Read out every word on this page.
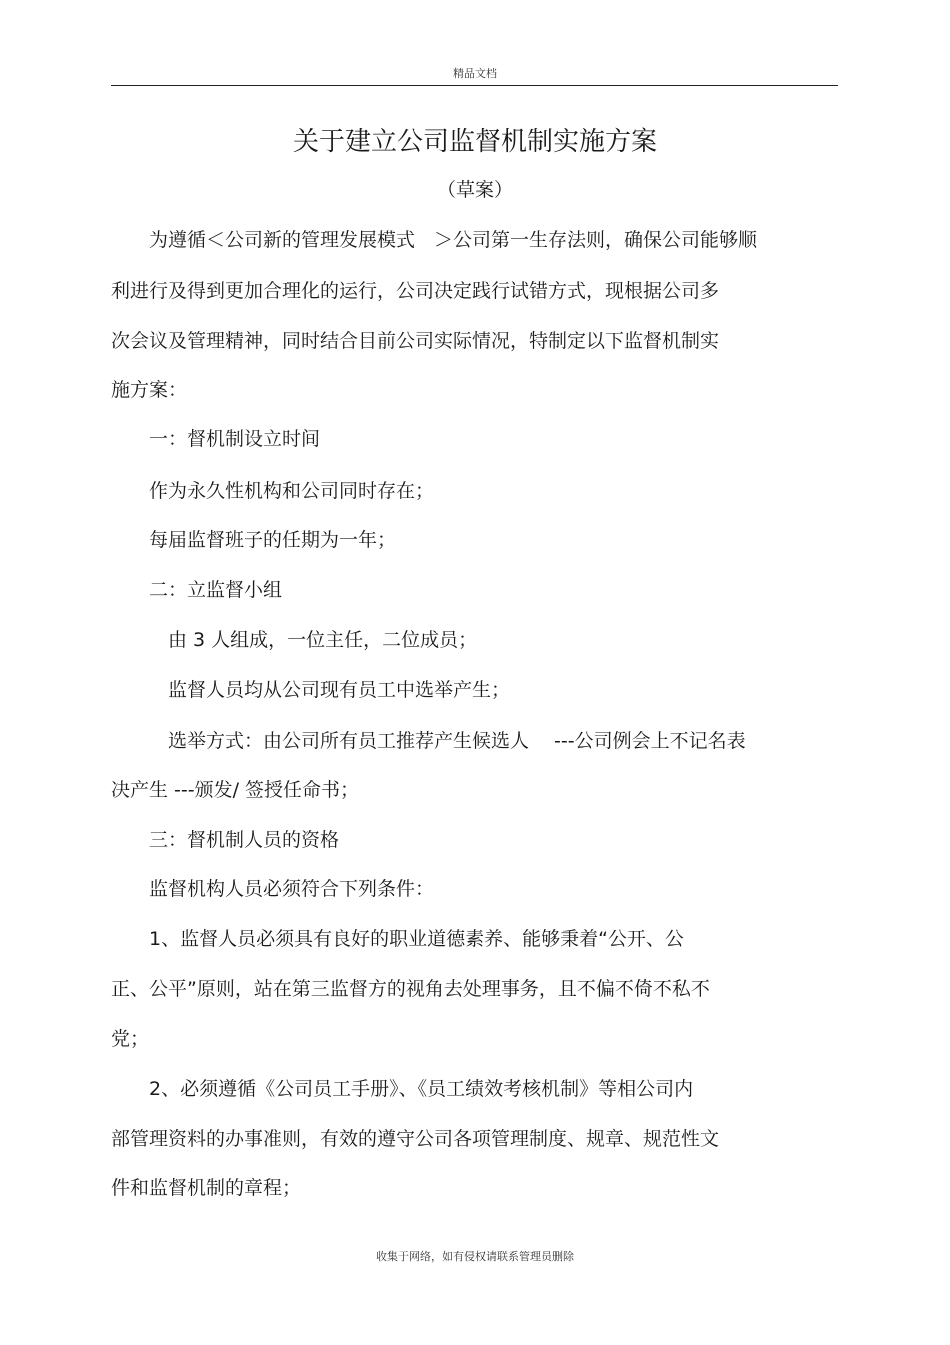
精品文档
关于建立公司监督机制实施方案
（草案）
　　为遵循＜公司新的管理发展模式　＞公司第一生存法则，确保公司能够顺
利进行及得到更加合理化的运行，公司决定践行试错方式，现根据公司多
次会议及管理精神，同时结合目前公司实际情况，特制定以下监督机制实
施方案：
　　一：督机制设立时间
　　作为永久性机构和公司同时存在；
　　每届监督班子的任期为一年；
　　二：立监督小组
　　　由 3 人组成，一位主任，二位成员；
　　　监督人员均从公司现有员工中选举产生；
　　　选举方式：由公司所有员工推荐产生候选人　 ---公司例会上不记名表
决产生 ---颁发/ 签授任命书；
　　三：督机制人员的资格
　　监督机构人员必须符合下列条件：
　　1、监督人员必须具有良好的职业道德素养、能够秉着“公开、公
正、公平”原则，站在第三监督方的视角去处理事务，且不偏不倚不私不
党；
　　2、必须遵循《公司员工手册》、《员工绩效考核机制》等相公司内
部管理资料的办事准则，有效的遵守公司各项管理制度、规章、规范性文
件和监督机制的章程；
收集于网络，如有侵权请联系管理员删除
